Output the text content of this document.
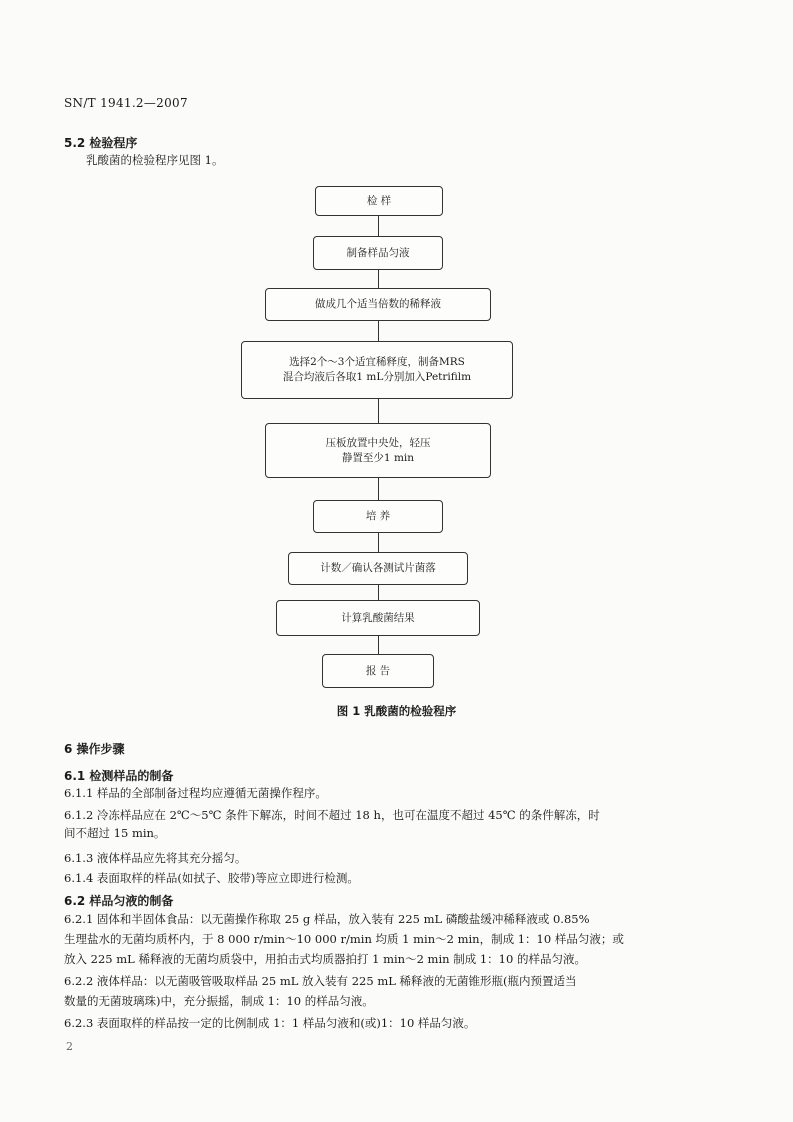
SN/T 1941.2—2007
5.2 检验程序
乳酸菌的检验程序见图 1。
检 样
制备样品匀液
做成几个适当倍数的稀释液
选择2个～3个适宜稀释度，制备MRS
混合均液后各取1 mL分别加入Petrifilm
压板放置中央处，轻压
静置至少1 min
培 养
计数／确认各测试片菌落
计算乳酸菌结果
报 告
图 1 乳酸菌的检验程序
6 操作步骤
6.1 检测样品的制备
6.1.1 样品的全部制备过程均应遵循无菌操作程序。
6.1.2 冷冻样品应在 2℃～5℃ 条件下解冻，时间不超过 18 h，也可在温度不超过 45℃ 的条件解冻，时
间不超过 15 min。
6.1.3 液体样品应先将其充分摇匀。
6.1.4 表面取样的样品(如拭子、胶带)等应立即进行检测。
6.2 样品匀液的制备
6.2.1 固体和半固体食品：以无菌操作称取 25 g 样品，放入装有 225 mL 磷酸盐缓冲稀释液或 0.85%
生理盐水的无菌均质杯内，于 8 000 r/min～10 000 r/min 均质 1 min～2 min，制成 1：10 样品匀液；或
放入 225 mL 稀释液的无菌均质袋中，用拍击式均质器拍打 1 min～2 min 制成 1：10 的样品匀液。
6.2.2 液体样品：以无菌吸管吸取样品 25 mL 放入装有 225 mL 稀释液的无菌锥形瓶(瓶内预置适当
数量的无菌玻璃珠)中，充分振摇，制成 1：10 的样品匀液。
6.2.3 表面取样的样品按一定的比例制成 1：1 样品匀液和(或)1：10 样品匀液。
2
